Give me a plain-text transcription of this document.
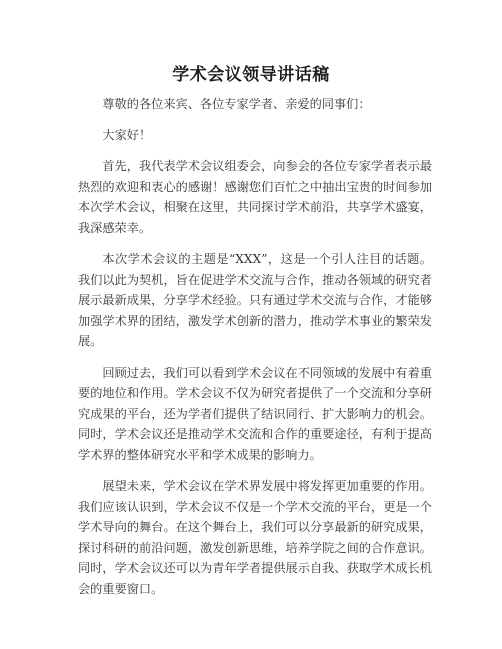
学术会议领导讲话稿

尊敬的各位来宾、各位专家学者、亲爱的同事们：

大家好！

首先，我代表学术会议组委会，向参会的各位专家学者表示最热烈的欢迎和衷心的感谢！感谢您们百忙之中抽出宝贵的时间参加本次学术会议，相聚在这里，共同探讨学术前沿，共享学术盛宴，我深感荣幸。

本次学术会议的主题是“XXX”，这是一个引人注目的话题。我们以此为契机，旨在促进学术交流与合作，推动各领域的研究者展示最新成果，分享学术经验。只有通过学术交流与合作，才能够加强学术界的团结，激发学术创新的潜力，推动学术事业的繁荣发展。

回顾过去，我们可以看到学术会议在不同领域的发展中有着重要的地位和作用。学术会议不仅为研究者提供了一个交流和分享研究成果的平台，还为学者们提供了结识同行、扩大影响力的机会。同时，学术会议还是推动学术交流和合作的重要途径，有利于提高学术界的整体研究水平和学术成果的影响力。

展望未来，学术会议在学术界发展中将发挥更加重要的作用。我们应该认识到，学术会议不仅是一个学术交流的平台，更是一个学术导向的舞台。在这个舞台上，我们可以分享最新的研究成果，探讨科研的前沿问题，激发创新思维，培养学院之间的合作意识。同时，学术会议还可以为青年学者提供展示自我、获取学术成长机会的重要窗口。
